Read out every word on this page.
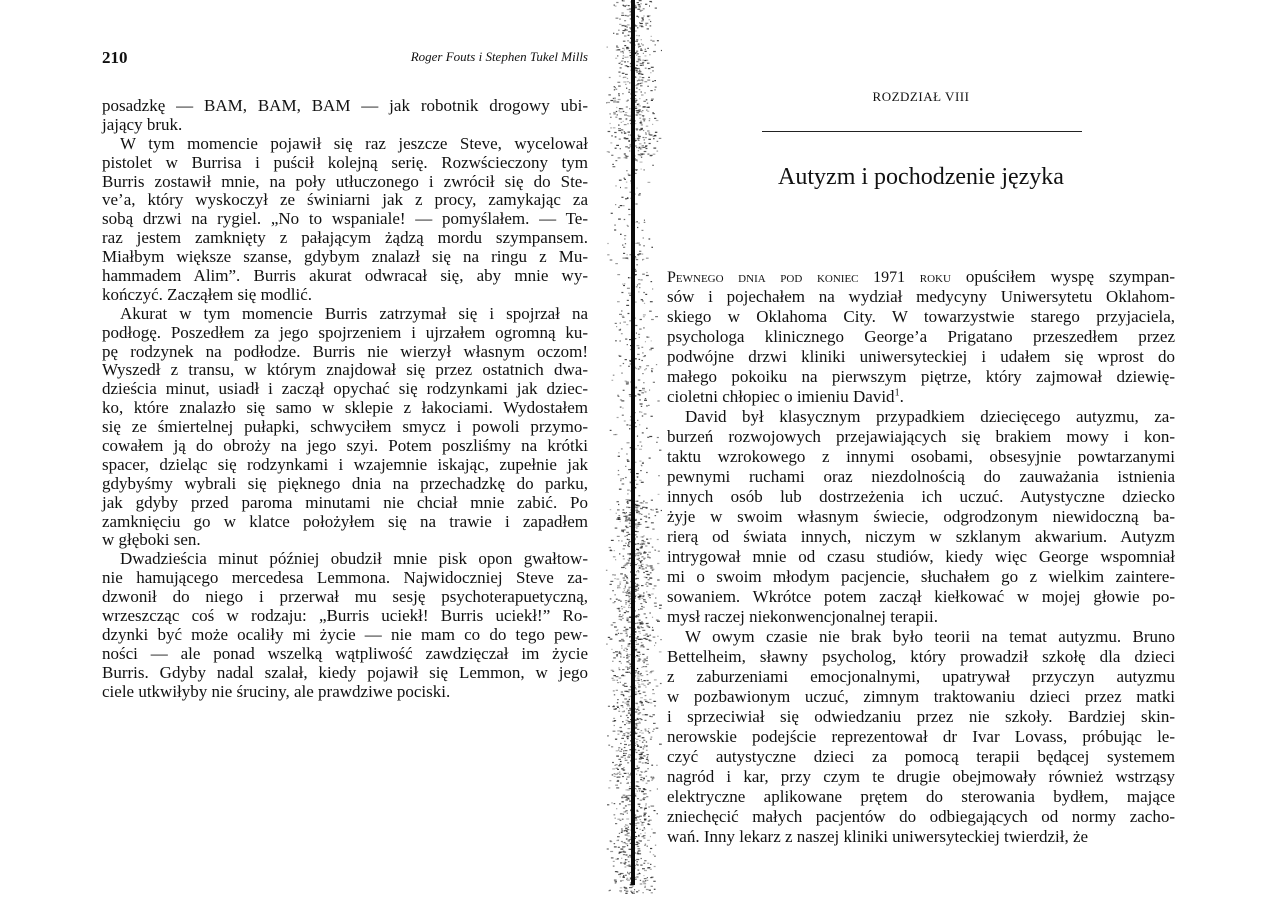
210	Roger Fouts i Stephen Tukel Mills
posadzkę — BAM, BAM, BAM — jak robotnik drogowy ubi-
jający bruk.
W tym momencie pojawił się raz jeszcze Steve, wycelował
pistolet w Burrisa i puścił kolejną serię. Rozwścieczony tym
Burris zostawił mnie, na poły utłuczonego i zwrócił się do Ste-
ve’a, który wyskoczył ze świniarni jak z procy, zamykając za
sobą drzwi na rygiel. „No to wspaniale! — pomyślałem. — Te-
raz jestem zamknięty z pałającym żądzą mordu szympansem.
Miałbym większe szanse, gdybym znalazł się na ringu z Mu-
hammadem Alim”. Burris akurat odwracał się, aby mnie wy-
kończyć. Zacząłem się modlić.
Akurat w tym momencie Burris zatrzymał się i spojrzał na
podłogę. Poszedłem za jego spojrzeniem i ujrzałem ogromną ku-
pę rodzynek na podłodze. Burris nie wierzył własnym oczom!
Wyszedł z transu, w którym znajdował się przez ostatnich dwa-
dzieścia minut, usiadł i zaczął opychać się rodzynkami jak dziec-
ko, które znalazło się samo w sklepie z łakociami. Wydostałem
się ze śmiertelnej pułapki, schwyciłem smycz i powoli przymo-
cowałem ją do obroży na jego szyi. Potem poszliśmy na krótki
spacer, dzieląc się rodzynkami i wzajemnie iskając, zupełnie jak
gdybyśmy wybrali się pięknego dnia na przechadzkę do parku,
jak gdyby przed paroma minutami nie chciał mnie zabić. Po
zamknięciu go w klatce położyłem się na trawie i zapadłem
w głęboki sen.
Dwadzieścia minut później obudził mnie pisk opon gwałtow-
nie hamującego mercedesa Lemmona. Najwidoczniej Steve za-
dzwonił do niego i przerwał mu sesję psychoterapuetyczną,
wrzeszcząc coś w rodzaju: „Burris uciekł! Burris uciekł!” Ro-
dzynki być może ocaliły mi życie — nie mam co do tego pew-
ności — ale ponad wszelką wątpliwość zawdzięczał im życie
Burris. Gdyby nadal szalał, kiedy pojawił się Lemmon, w jego
ciele utkwiłyby nie śruciny, ale prawdziwe pociski.
ROZDZIAŁ VIII
Autyzm i pochodzenie języka
Pewnego dnia pod koniec 1971 roku opuściłem wyspę szympan-
sów i pojechałem na wydział medycyny Uniwersytetu Oklahom-
skiego w Oklahoma City. W towarzystwie starego przyjaciela,
psychologa klinicznego George’a Prigatano przeszedłem przez
podwójne drzwi kliniki uniwersyteckiej i udałem się wprost do
małego pokoiku na pierwszym piętrze, który zajmował dziewię-
cioletni chłopiec o imieniu David$^1$.
David był klasycznym przypadkiem dziecięcego autyzmu, za-
burzeń rozwojowych przejawiających się brakiem mowy i kon-
taktu wzrokowego z innymi osobami, obsesyjnie powtarzanymi
pewnymi ruchami oraz niezdolnością do zauważania istnienia
innych osób lub dostrzeżenia ich uczuć. Autystyczne dziecko
żyje w swoim własnym świecie, odgrodzonym niewidoczną ba-
rierą od świata innych, niczym w szklanym akwarium. Autyzm
intrygował mnie od czasu studiów, kiedy więc George wspomniał
mi o swoim młodym pacjencie, słuchałem go z wielkim zaintere-
sowaniem. Wkrótce potem zaczął kiełkować w mojej głowie po-
mysł raczej niekonwencjonalnej terapii.
W owym czasie nie brak było teorii na temat autyzmu. Bruno
Bettelheim, sławny psycholog, który prowadził szkołę dla dzieci
z zaburzeniami emocjonalnymi, upatrywał przyczyn autyzmu
w pozbawionym uczuć, zimnym traktowaniu dzieci przez matki
i sprzeciwiał się odwiedzaniu przez nie szkoły. Bardziej skin-
nerowskie podejście reprezentował dr Ivar Lovass, próbując le-
czyć autystyczne dzieci za pomocą terapii będącej systemem
nagród i kar, przy czym te drugie obejmowały również wstrząsy
elektryczne aplikowane prętem do sterowania bydłem, mające
zniechęcić małych pacjentów do odbiegających od normy zacho-
wań. Inny lekarz z naszej kliniki uniwersyteckiej twierdził, że
